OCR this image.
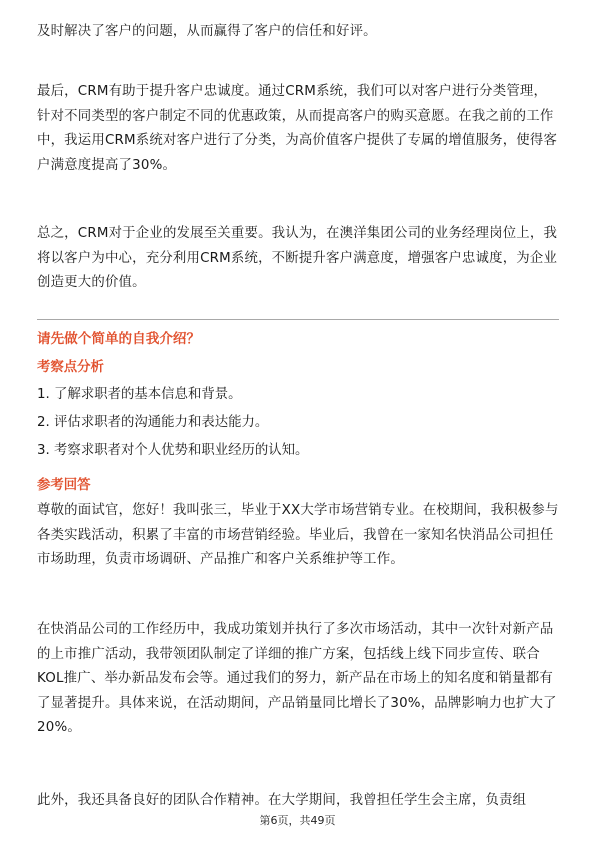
及时解决了客户的问题，从而赢得了客户的信任和好评。

最后，CRM有助于提升客户忠诚度。通过CRM系统，我们可以对客户进行分类管理，针对不同类型的客户制定不同的优惠政策，从而提高客户的购买意愿。在我之前的工作中，我运用CRM系统对客户进行了分类，为高价值客户提供了专属的增值服务，使得客户满意度提高了30%。

总之，CRM对于企业的发展至关重要。我认为，在澳洋集团公司的业务经理岗位上，我将以客户为中心，充分利用CRM系统，不断提升客户满意度，增强客户忠诚度，为企业创造更大的价值。

请先做个简单的自我介绍？

考察点分析

1. 了解求职者的基本信息和背景。

2. 评估求职者的沟通能力和表达能力。

3. 考察求职者对个人优势和职业经历的认知。

参考回答

尊敬的面试官，您好！我叫张三，毕业于XX大学市场营销专业。在校期间，我积极参与各类实践活动，积累了丰富的市场营销经验。毕业后，我曾在一家知名快消品公司担任市场助理，负责市场调研、产品推广和客户关系维护等工作。

在快消品公司的工作经历中，我成功策划并执行了多次市场活动，其中一次针对新产品的上市推广活动，我带领团队制定了详细的推广方案，包括线上线下同步宣传、联合KOL推广、举办新品发布会等。通过我们的努力，新产品在市场上的知名度和销量都有了显著提升。具体来说，在活动期间，产品销量同比增长了30%，品牌影响力也扩大了20%。

此外，我还具备良好的团队合作精神。在大学期间，我曾担任学生会主席，负责组

第6页，共49页
